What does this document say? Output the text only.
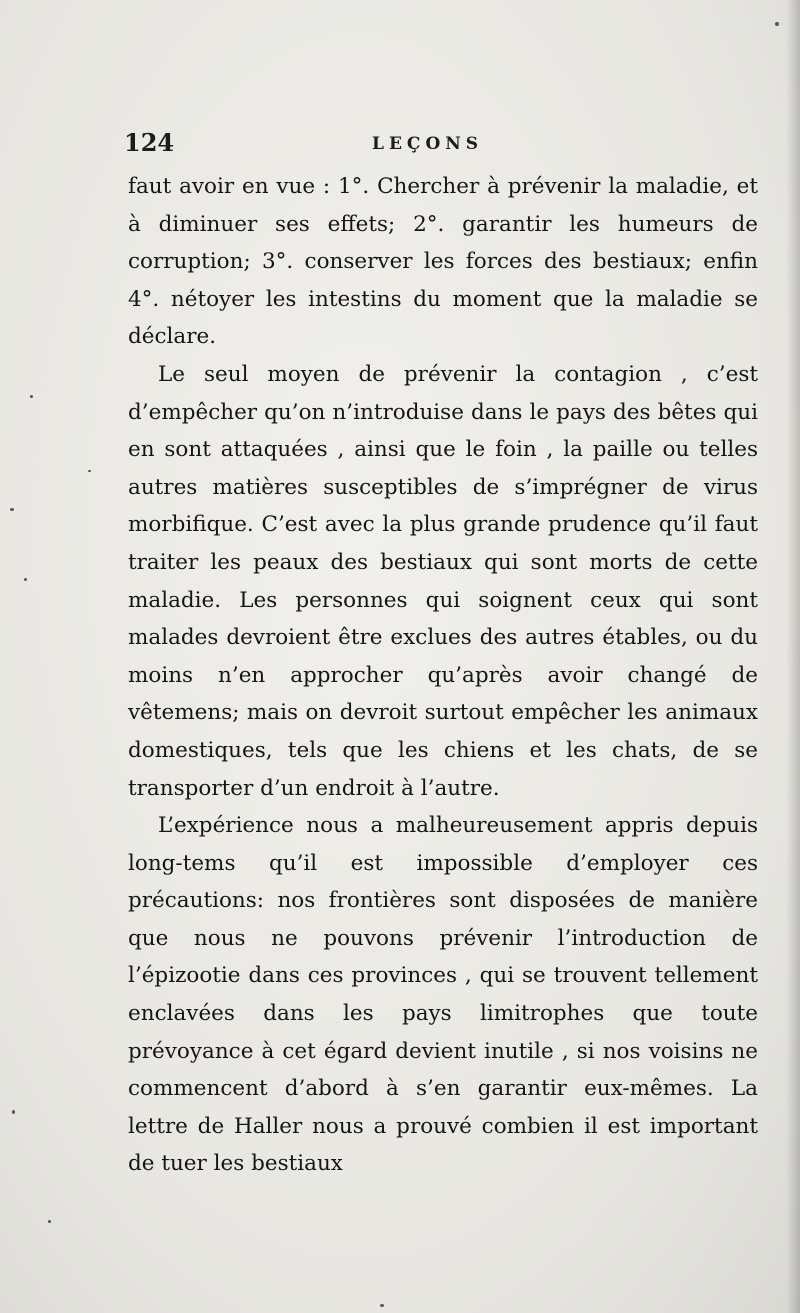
124	LEÇONS

faut avoir en vue : 1°. Chercher à prévenir la maladie, et à diminuer ses effets; 2°. garantir les humeurs de corruption; 3°. conserver les forces des bestiaux; enfin 4°. nétoyer les intestins du moment que la maladie se déclare.

Le seul moyen de prévenir la contagion , c’est d’empêcher qu’on n’introduise dans le pays des bêtes qui en sont attaquées , ainsi que le foin , la paille ou telles autres matières susceptibles de s’imprégner de virus morbifique. C’est avec la plus grande prudence qu’il faut traiter les peaux des bestiaux qui sont morts de cette maladie. Les personnes qui soignent ceux qui sont malades devroient être exclues des autres étables, ou du moins n’en approcher qu’après avoir changé de vêtemens; mais on devroit surtout empêcher les animaux domestiques, tels que les chiens et les chats, de se transporter d’un endroit à l’autre.

L’expérience nous a malheureusement appris depuis long-tems qu’il est impossible d’employer ces précautions: nos frontières sont disposées de manière que nous ne pouvons prévenir l’introduction de l’épizootie dans ces provinces , qui se trouvent tellement enclavées dans les pays limitrophes que toute prévoyance à cet égard devient inutile , si nos voisins ne commencent d’abord à s’en garantir eux-mêmes. La lettre de Haller nous a prouvé combien il est important de tuer les bestiaux
